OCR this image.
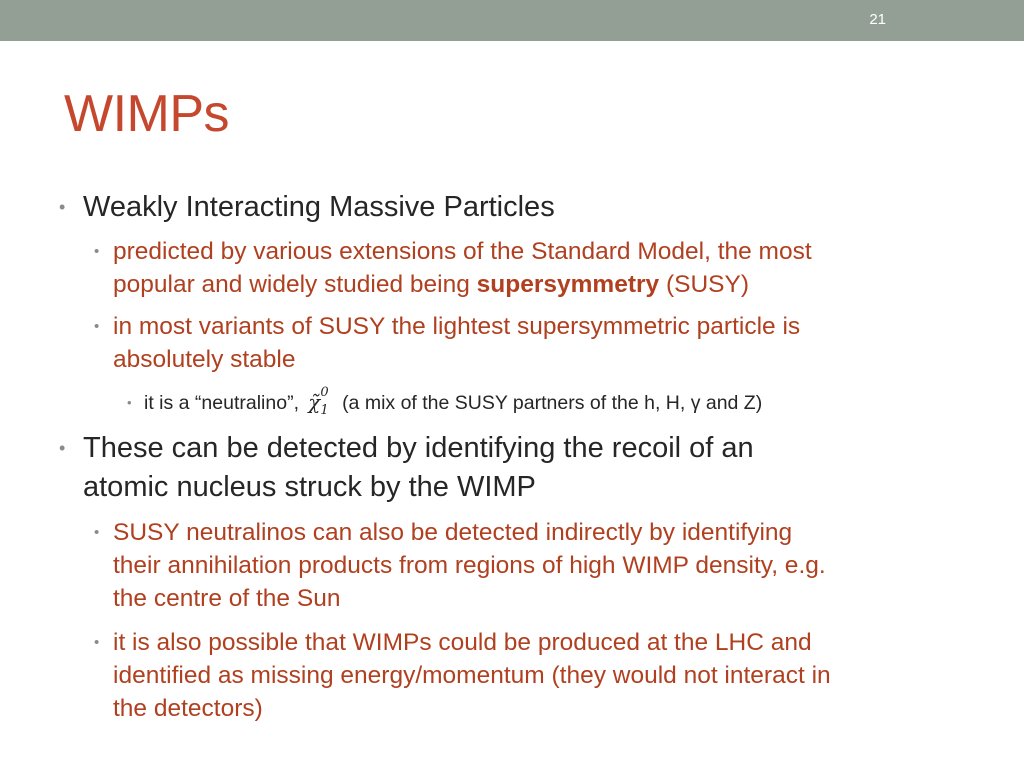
21
WIMPs
• Weakly Interacting Massive Particles
• predicted by various extensions of the Standard Model, the most
popular and widely studied being supersymmetry (SUSY)
• in most variants of SUSY the lightest supersymmetric particle is
absolutely stable
• it is a “neutralino”, χ̃ 0
1 (a mix of the SUSY partners of the h, H, γ and Z)
• These can be detected by identifying the recoil of an
atomic nucleus struck by the WIMP
• SUSY neutralinos can also be detected indirectly by identifying
their annihilation products from regions of high WIMP density, e.g.
the centre of the Sun
• it is also possible that WIMPs could be produced at the LHC and
identified as missing energy/momentum (they would not interact in
the detectors)
